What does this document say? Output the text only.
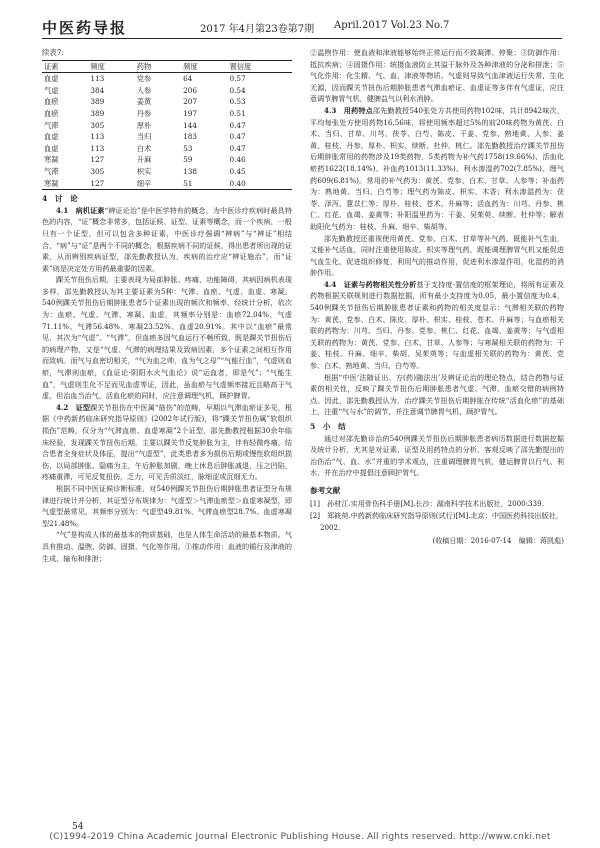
中医药导报	2017 年4月第23卷第7期 April.2017 Vol.23 No.7
续表7:
证素	频度	药物	频度	置信度
血虚	113	党参	64	0.57
气虚	384	人参	206	0.54
血瘀	389	姜黄	207	0.53
血瘀	389	丹参	197	0.51
气滞	305	厚朴	144	0.47
血虚	113	当归	183	0.47
血虚	113	白术	53	0.47
寒凝	127	升麻	59	0.46
气滞	305	枳实	138	0.45
寒凝	127	细辛	51	0.40
4　讨　论

4.1　病机证素“辨证论治”是中医学特有的概念，为中医诊疗疾病时最具特色的内容，“证”概念非常多，包括证候、证型、证素等概念，而一个疾病，一般只有一个证型，但可以包含多种证素，中医诊疗强调“辨病”与“辨证”相结合，“病”与“证”是两个不同的概念，根据疾病不同的证候，得出患者所出现的证素，从而辨别疾病证型，邵先勤教授认为，疾病的治疗应“辨证施治”，而“证素”则是决定处方用药最重要的因素。

踝关节扭伤后期，主要表现为局部肿胀、疼痛、功能障碍，其病因病机表现多样，邵先勤教授认为其主要证素为5种：气滞、血瘀、气虚、血虚、寒凝。540例踝关节扭伤后期肿胀患者5个证素出现的频次和频率，经统计分析，依次为：血瘀、气虚、气滞、寒凝、血虚，其频率分别是：血瘀72.04%、气虚71.11%、气滞56.48%、寒凝23.52%、血虚20.91%。其中以“血瘀”最常见，其次为“气虚”、“气滞”，但血瘀多因气血运行不畅所致，既是踝关节扭伤后的病理产物，又是“气虚、气滞的病理结果及致病因素，多个证素之间相互作用而致病。而气与血密切相关，“气为血之帅，血为气之母”“气能行血”，气虚则血瘀，气滞则血瘀，《血证论·阴阳水火气血论》说“运血者，即是气”；“气能生血”，气虚则生化不足而见血虚等证，因此，虽血瘀与气虚频率接近且略高于气虚，但治血当治气，活血化瘀的同时，应注意调理气机，顾护脾胃。

4.2　证型踝关节扭伤在中医属“筋伤”的范畴，早期以气滞血瘀证多见，根据《中药新药临床研究指导原则》(2002年试行版)，将“踝关节扭伤属”软组织损伤”范畴，仅分为“气滞血瘀、血虚寒凝”2个证型，邵先勤教授根据30余年临床经验，发现踝关节扭伤后期，主要以踝关节反复肿胀为主，伴有轻微疼痛，结合患者全身症状及体征，提出“气虚型”，此类患者多为损伤后期或慢性软组织损伤，以局部肿胀、隐痛为主，午后肿胀加剧，晚上休息后肿胀减退，压之凹陷，疼痛重滞，可见反复扭伤，乏力，可见舌质淡红，脉细涩或沉细无力。

根据不同中医证候诊断标准，对540例踝关节扭伤后期肿胀患者证型分布规律进行统计并分析，其证型分布规律为：气虚型＞气滞血瘀型＞血虚寒凝型，即气虚型最常见，其频率分别为：气虚型49.81%、气滞血瘀型28.7%、血虚寒凝型21.48%。

“气”是构成人体的最基本的物质基础，也是人体生命活动的最基本物质。气具有推动、温煦、防御、固摄、气化等作用。①推动作用：血液的循行及津液的生成、输布和排泄；

②温煦作用：使血液和津液能够始终正常运行而不致凝滞、停聚；③防御作用：抵抗疾病；④固摄作用：统摄血液防止其溢于脉外及各种津液的分泌和排泄；⑤气化作用：化生精、气、血、津液等物质。气虚则导致气血津液运行失常，生化无源，因而踝关节扭伤后期肿胀患者气滞血瘀证、血虚证等多伴有气虚证，应注意调节脾胃气机，健脾益气以利水消肿。

4.3　用药特点邵先勤教授540张处方共使用药物102味，共计8942味次，平均每张处方使用药物16.56味，将使用频率超过5%的前20味药物为黄芪、白术、当归、甘草、川芎、茯苓、白芍、陈皮、干姜、党参、熟地黄、人参、姜黄、桂枝、丹参、厚朴、枳实、续断、杜仲、桃仁。邵先勤教授治疗踝关节扭伤后期肿胀常用的药物涉及19类药物，5类药物为补气药1758(19.66%)、活血化瘀药1622(18.14%)、补血药1013(11.33%)、利水渗湿药702(7.85%)、理气药609(6.81%)。常用的补气药为：黄芪、党参、白术、甘草、人参等；补血药为：熟地黄、当归、白芍等；理气药为陈皮、枳实、木香；利水渗湿药为：茯苓、泽泻、薏苡仁等；厚朴、桂枝、苍术、升麻等；活血药为：川芎、丹参、桃仁、红花、血竭、姜黄等；补阳温里药为：干姜、吴茱萸、续断、杜仲等；解表助阳化气药为：桂枝、升麻、细辛、柴胡等。

邵先勤教授还重视使用黄芪、党参、白术、甘草等补气药，既能补气生血，又能补气活血，同时注重使用陈皮、枳实等理气药，既能调理脾胃气机又能促进气血生化，促进组织修复，利用气的推动作用，促进利水渗湿作用，化湿药的消肿作用。

4.4　证素与药物相关性分析基于支持度-置信度的框架理论，将所有证素及药物根据关联规则进行数据挖掘，所有最小支持度为0.05，最小置信度为0.4，540例踝关节扭伤后期肿胀患者证素和药物的相关度显示：气滞相关联的药物为：黄芪、党参、白术、陈皮、厚朴、枳实、桂枝、苍术、升麻等；与血瘀相关联的药物为：川芎、当归、丹参、党参、桃仁、红花、血竭、姜黄等；与气虚相关联的药物为：黄芪、党参、白术、甘草、人参等；与寒凝相关联的药物为：干姜、桂枝、升麻、细辛、柴胡、吴茱萸等；与血虚相关联的药物为：黄芪、党参、白术、熟地黄、当归、白芍等。

根据“中医‘法随证出、方(药)随法出’及辨证论治的理论特点，结合药物与证素的相关性，反映了踝关节扭伤后期肿胀患者气虚、气滞、血瘀交错的病例特点。因此，邵先勤教授认为，治疗踝关节扭伤后期肿胀在传统“活血化瘀”的基础上，注重“气与水”的调节，并注意调节脾胃气机，顾护胃气。

5　小　结

通过对邵先勤诊治的540例踝关节扭伤后期肿胀患者病历数据进行数据挖掘及统计分析，尤其是对证素、证型及用药特点的分析，客观反映了邵先勤提出的治伤治“气、血、水”并重的学术观点，注重调理脾胃气机，健运脾胃以行气、利水，并在治疗中提倡注意顾护胃气。

参考文献
[1]　孙材江.实用骨伤科手册[M].长沙：湖南科学技术出版社，2000:339.
[2]　郑筱萸.中药新药临床研究指导原则(试行)[M].北京：中国医药科技出版社，2002.
(收稿日期：2016-07-14　编辑：蒋凯彪)
54
(C)1994-2019 China Academic Journal Electronic Publishing House. All rights reserved. http://www.cnki.net
